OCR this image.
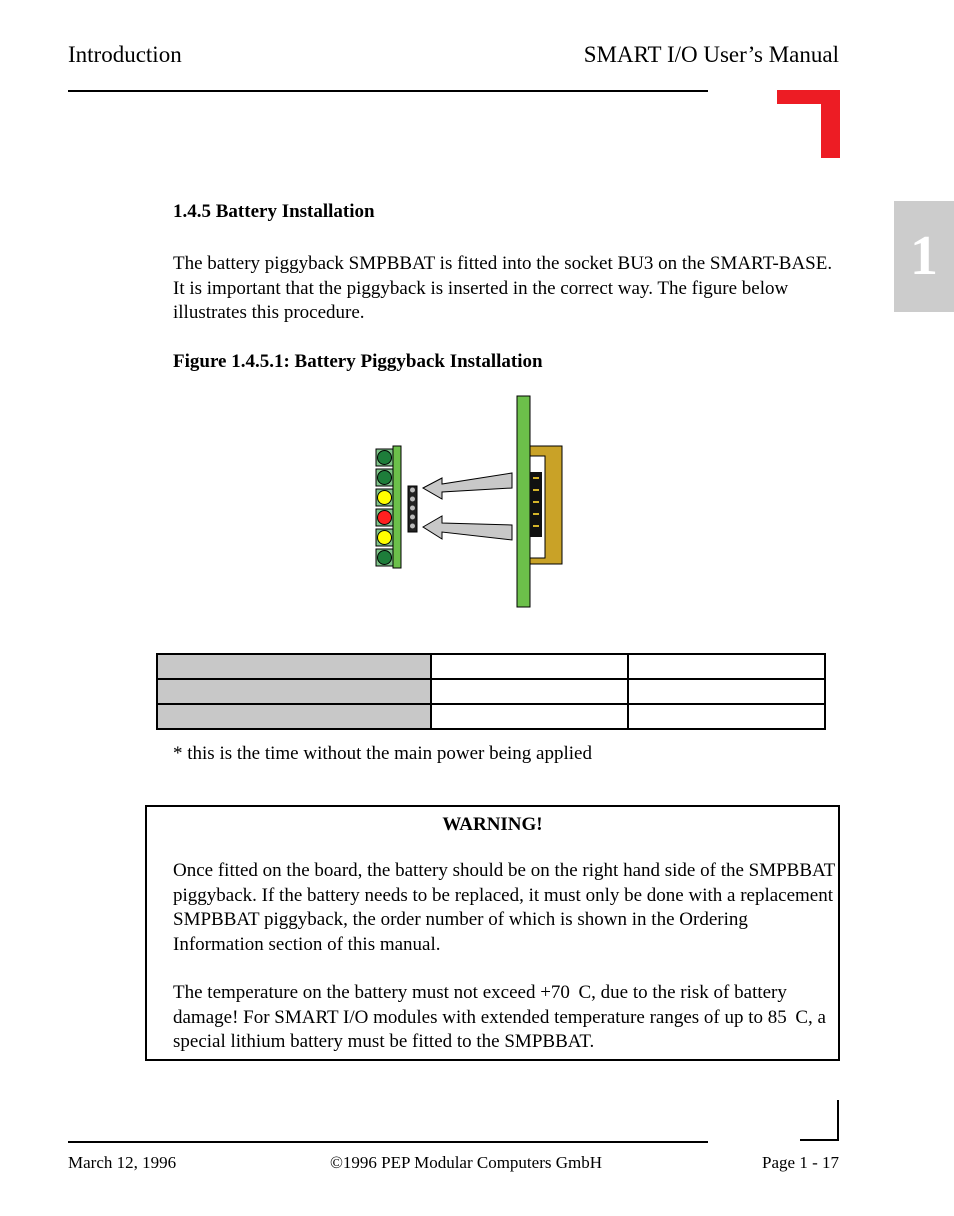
Introduction	SMART I/O User’s Manual
1
1.4.5 Battery Installation
The battery piggyback SMPBBAT is fitted into the socket BU3 on the SMART-BASE. It is important that the piggyback is inserted in the correct way. The figure below illustrates this procedure.
Figure 1.4.5.1: Battery Piggyback Installation

* this is the time without the main power being applied
WARNING!
Once fitted on the board, the battery should be on the right hand side of the SMPBBAT piggyback. If the battery needs to be replaced, it must only be done with a replacement SMPBBAT piggyback, the order number of which is shown in the Ordering Information section of this manual.
The temperature on the battery must not exceed +70  C, due to the risk of battery damage! For SMART I/O modules with extended temperature ranges of up to 85  C, a special lithium battery must be fitted to the SMPBBAT.
March 12, 1996	©1996 PEP Modular Computers GmbH	Page 1 - 17
